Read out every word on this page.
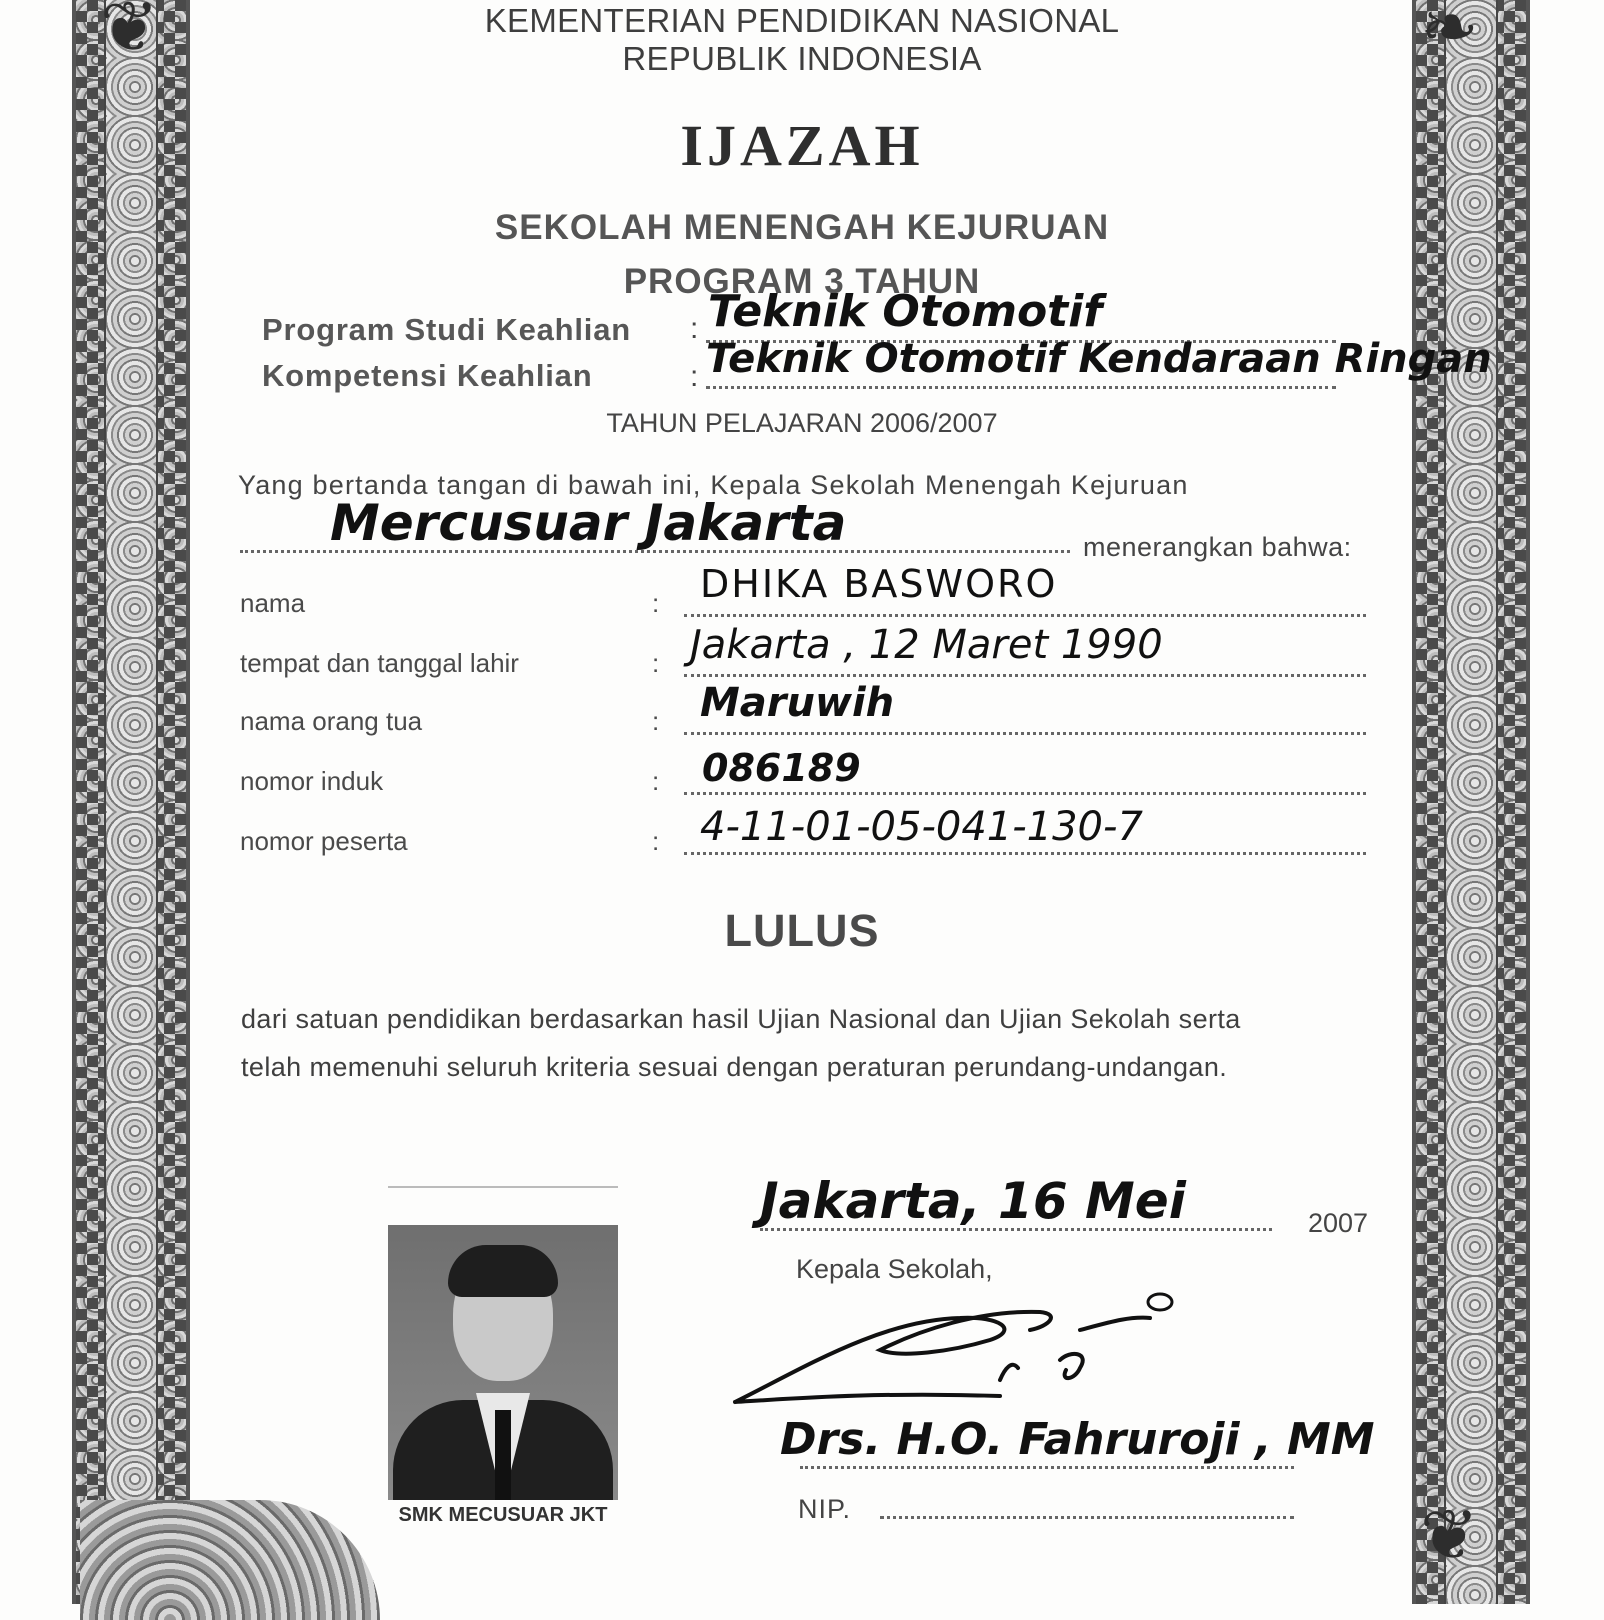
❦	❧
❦
KEMENTERIAN PENDIDIKAN NASIONAL
REPUBLIK INDONESIA
IJAZAH
SEKOLAH MENENGAH KEJURUAN
PROGRAM 3 TAHUN
Program Studi Keahlian : Teknik Otomotif
Kompetensi Keahlian	: Teknik Otomotif Kendaraan Ringan
TAHUN PELAJARAN 2006/2007
Yang bertanda tangan di bawah ini, Kepala Sekolah Menengah Kejuruan
Mercusuar Jakarta	menerangkan bahwa:
nama	: DHIKA BASWORO
tempat dan tanggal lahir	: Jakarta , 12 Maret 1990
nama orang tua	: Maruwih
nomor induk	: 086189
nomor peserta	: 4-11-01-05-041-130-7
LULUS
dari satuan pendidikan berdasarkan hasil Ujian Nasional dan Ujian Sekolah serta
telah memenuhi seluruh kriteria sesuai dengan peraturan perundang-undangan.
SMK MECUSUAR JKT
Jakarta, 16 Mei	2007
Kepala Sekolah,
Drs. H.O. Fahruroji , MM
NIP.
